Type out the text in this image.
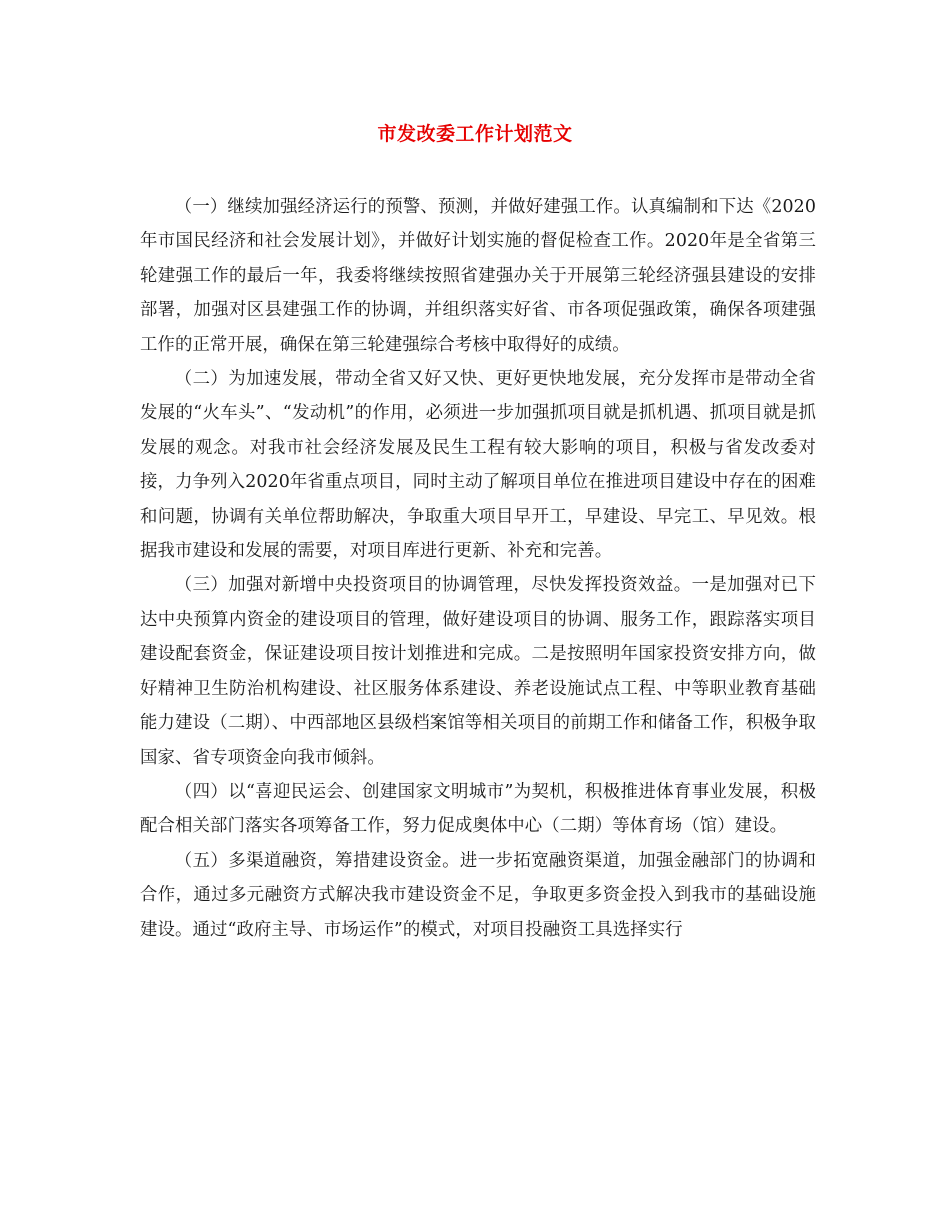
市发改委工作计划范文

（一）继续加强经济运行的预警、预测，并做好建强工作。认真编制和下达《2020年市国民经济和社会发展计划》，并做好计划实施的督促检查工作。2020年是全省第三轮建强工作的最后一年，我委将继续按照省建强办关于开展第三轮经济强县建设的安排部署，加强对区县建强工作的协调，并组织落实好省、市各项促强政策，确保各项建强工作的正常开展，确保在第三轮建强综合考核中取得好的成绩。

（二）为加速发展，带动全省又好又快、更好更快地发展，充分发挥市是带动全省发展的“火车头”、“发动机”的作用，必须进一步加强抓项目就是抓机遇、抓项目就是抓发展的观念。对我市社会经济发展及民生工程有较大影响的项目，积极与省发改委对接，力争列入2020年省重点项目，同时主动了解项目单位在推进项目建设中存在的困难和问题，协调有关单位帮助解决，争取重大项目早开工，早建设、早完工、早见效。根据我市建设和发展的需要，对项目库进行更新、补充和完善。

（三）加强对新增中央投资项目的协调管理，尽快发挥投资效益。一是加强对已下达中央预算内资金的建设项目的管理，做好建设项目的协调、服务工作，跟踪落实项目建设配套资金，保证建设项目按计划推进和完成。二是按照明年国家投资安排方向，做好精神卫生防治机构建设、社区服务体系建设、养老设施试点工程、中等职业教育基础能力建设（二期）、中西部地区县级档案馆等相关项目的前期工作和储备工作，积极争取国家、省专项资金向我市倾斜。

（四）以“喜迎民运会、创建国家文明城市”为契机，积极推进体育事业发展，积极配合相关部门落实各项筹备工作，努力促成奥体中心（二期）等体育场（馆）建设。

（五）多渠道融资，筹措建设资金。进一步拓宽融资渠道，加强金融部门的协调和合作，通过多元融资方式解决我市建设资金不足，争取更多资金投入到我市的基础设施建设。通过“政府主导、市场运作”的模式，对项目投融资工具选择实行
